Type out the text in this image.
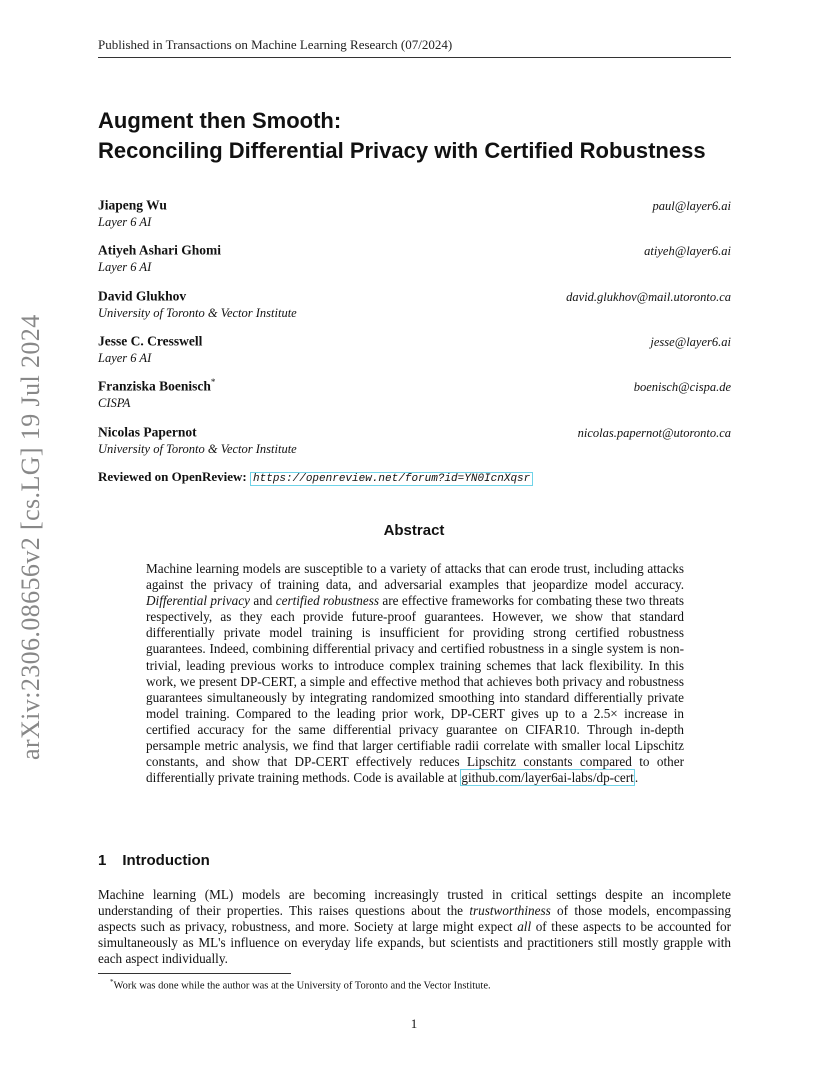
Published in Transactions on Machine Learning Research (07/2024)
arXiv:2306.08656v2 [cs.LG] 19 Jul 2024
Augment then Smooth:
Reconciling Differential Privacy with Certified Robustness
Jiapeng Wu	paul@layer6.ai
Layer 6 AI
Atiyeh Ashari Ghomi	atiyeh@layer6.ai
Layer 6 AI
David Glukhov	david.glukhov@mail.utoronto.ca
University of Toronto & Vector Institute
Jesse C. Cresswell	jesse@layer6.ai
Layer 6 AI
Franziska Boenisch*	boenisch@cispa.de
CISPA
Nicolas Papernot	nicolas.papernot@utoronto.ca
University of Toronto & Vector Institute
Reviewed on OpenReview: https://openreview.net/forum?id=YN0IcnXqsr
Abstract
Machine learning models are susceptible to a variety of attacks that can erode trust, including attacks against the privacy of training data, and adversarial examples that jeopardize model accuracy. Differential privacy and certified robustness are effective frameworks for combating these two threats respectively, as they each provide future-proof guarantees. However, we show that standard differentially private model training is insufficient for providing strong certified robustness guarantees. Indeed, combining differential privacy and certified robustness in a single system is non-trivial, leading previous works to introduce complex training schemes that lack flexibility. In this work, we present DP-CERT, a simple and effective method that achieves both privacy and robustness guarantees simultaneously by integrating randomized smoothing into standard differentially private model training. Compared to the leading prior work, DP-CERT gives up to a 2.5× increase in certified accuracy for the same differential privacy guarantee on CIFAR10. Through in-depth persample metric analysis, we find that larger certifiable radii correlate with smaller local Lipschitz constants, and show that DP-CERT effectively reduces Lipschitz constants compared to other differentially private training methods. Code is available at github.com/layer6ai-labs/dp-cert.
1 Introduction
Machine learning (ML) models are becoming increasingly trusted in critical settings despite an incomplete understanding of their properties. This raises questions about the trustworthiness of those models, encompassing aspects such as privacy, robustness, and more. Society at large might expect all of these aspects to be accounted for simultaneously as ML's influence on everyday life expands, but scientists and practitioners still mostly grapple with each aspect individually.
*Work was done while the author was at the University of Toronto and the Vector Institute.
1
